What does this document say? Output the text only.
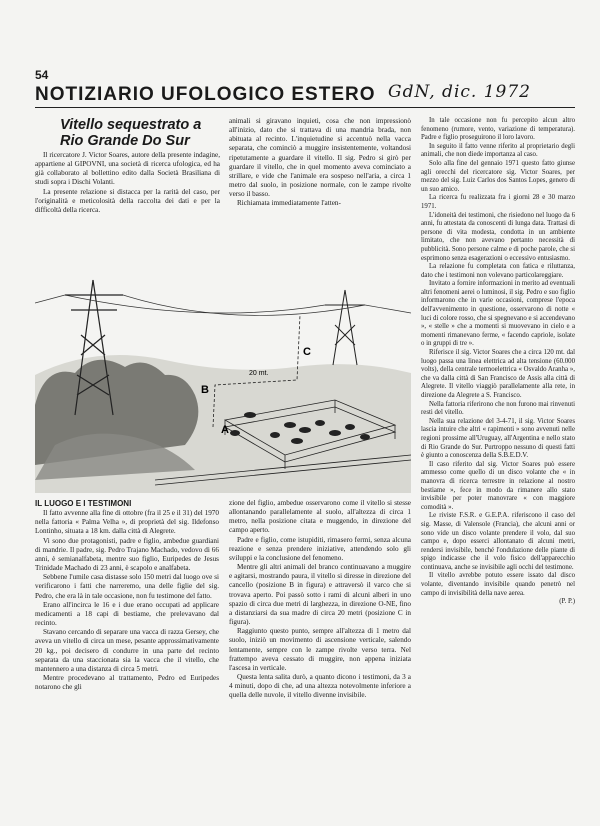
54
NOTIZIARIO UFOLOGICO ESTERO GdN, dic. 1972
Vitello sequestrato a Rio Grande Do Sur

Il ricercatore J. Victor Soares, autore della presente indagine, appartiene al GIPOVNI, una società di ricerca ufologica, ed ha già collaborato al bollettino edito dalla Società Brasiliana di studi sopra i Dischi Volanti.

La presente relazione si distacca per la rarità del caso, per l'originalità e meticolosità della raccolta dei dati e per la difficoltà della ricerca.

animali si giravano inquieti, cosa che non impressionò all'inizio, dato che si trattava di una mandria brada, non abituata al recinto. L'inquietudine si accentuò nella vacca separata, che cominciò a muggire insistentemente, voltandosi ripetutamente a guardare il vitello. Il sig. Pedro si girò per guardare il vitello, che in quel momento aveva cominciato a strillare, e vide che l'animale era sospeso nell'aria, a circa 1 metro dal suolo, in posizione normale, con le zampe rivolte verso il basso.

Richiamata immediatamente l'atten-

A
B
C
20 mt.

IL LUOGO E I TESTIMONI

Il fatto avvenne alla fine di ottobre (fra il 25 e il 31) del 1970 nella fattoria « Palma Velha », di proprietà del sig. Ildefonso Lontinho, situata a 18 km. dalla città di Alegrete.

Vi sono due protagonisti, padre e figlio, ambedue guardiani di mandrie. Il padre, sig. Pedro Trajano Machado, vedovo di 66 anni, è semianalfabeta, mentre suo figlio, Euripedes de Jesus Trinidade Machado di 23 anni, è scapolo e analfabeta.

Sebbene l'umile casa distasse solo 150 metri dal luogo ove si verificarono i fatti che narreremo, una delle figlie del sig. Pedro, che era là in tale occasione, non fu testimone del fatto.

Erano all'incirca le 16 e i due erano occupati ad applicare medicamenti a 18 capi di bestiame, che prelevavano dal recinto.

Stavano cercando di separare una vacca di razza Gersey, che aveva un vitello di circa un mese, pesante approssimativamente 20 kg., poi decisero di condurre in una parte del recinto separata da una staccionata sia la vacca che il vitello, che mantennero a una distanza di circa 5 metri.

Mentre procedevano al trattamento, Pedro ed Euripedes notarono che gli

zione del figlio, ambedue osservarono come il vitello si stesse allontanando parallelamente al suolo, all'altezza di circa 1 metro, nella posizione citata e muggendo, in direzione del campo aperto.

Padre e figlio, come istupiditi, rimasero fermi, senza alcuna reazione e senza prendere iniziative, attendendo solo gli sviluppi e la conclusione del fenomeno.

Mentre gli altri animali del branco continuavano a muggire e agitarsi, mostrando paura, il vitello si diresse in direzione del cancello (posizione B in figura) e attraversò il varco che si trovava aperto. Poi passò sotto i rami di alcuni alberi in uno spazio di circa due metri di larghezza, in direzione O-NE, fino a distanziarsi da sua madre di circa 20 metri (posizione C in figura).

Raggiunto questo punto, sempre all'altezza di 1 metro dal suolo, iniziò un movimento di ascensione verticale, salendo lentamente, sempre con le zampe rivolte verso terra. Nel frattempo aveva cessato di muggire, non appena iniziata l'ascesa in verticale.

Questa lenta salita durò, a quanto dicono i testimoni, da 3 a 4 minuti, dopo di che, ad una altezza notevolmente inferiore a quella delle nuvole, il vitello divenne invisibile.

In tale occasione non fu percepito alcun altro fenomeno (rumore, vento, variazione di temperatura). Padre e figlio proseguirono il loro lavoro.

In seguito il fatto venne riferito al proprietario degli animali, che non diede importanza al caso.

Solo alla fine del gennaio 1971 questo fatto giunse agli orecchi del ricercatore sig. Victor Soares, per mezzo del sig. Luiz Carlos dos Santos Lopes, genero di un suo amico.

La ricerca fu realizzata fra i giorni 28 e 30 marzo 1971.

L'idoneità dei testimoni, che risiedono nel luogo da 6 anni, fu attestata da conoscenti di lunga data. Trattasi di persone di vita modesta, condotta in un ambiente limitato, che non avevano pertanto necessità di pubblicità. Sono persone calme e di poche parole, che si esprimono senza esagerazioni o eccessivo entusiasmo.

La relazione fu completata con fatica e riluttanza, dato che i testimoni non volevano particolareggiare.

Invitato a fornire informazioni in merito ad eventuali altri fenomeni aerei o luminosi, il sig. Pedro e suo figlio informarono che in varie occasioni, comprese l'epoca dell'avvenimento in questione, osservarono di notte « luci di colore rosso, che si spegnevano e si accendevano », « stelle » che a momenti si muovevano in cielo e a momenti rimanevano ferme, « facendo capriole, isolate o in gruppi di tre ».

Riferisce il sig. Victor Soares che a circa 120 mt. dal luogo passa una linea elettrica ad alta tensione (60.000 volts), della centrale termoelettrica « Osvaldo Aranha », che va dalla città di San Francisco de Assis alla città di Alegrete. Il vitello viaggiò parallelamente alla rete, in direzione da Alegrete a S. Francisco.

Nella fattoria riferirono che non furono mai rinvenuti resti del vitello.

Nella sua relazione del 3-4-71, il sig. Victor Soares lascia intuire che altri « rapimenti » sono avvenuti nelle regioni prossime all'Uruguay, all'Argentina e nello stato di Rio Grande do Sur. Purtroppo nessuno di questi fatti è giunto a conoscenza della S.B.E.D.V.

Il caso riferito dal sig. Victor Soares può essere ammesso come quello di un disco volante che « in manovra di ricerca terrestre in relazione al nostro bestiame », fece in modo da rimanere allo stato invisibile per poter manovrare « con maggiore comodità ».

Le riviste F.S.R. e G.E.P.A. riferiscono il caso del sig. Masse, di Valensole (Francia), che alcuni anni or sono vide un disco volante prendere il volo, dal suo campo e, dopo esserci allontanato di alcuni metri, rendersi invisibile, benché l'ondulazione delle piante di spigo indicasse che il volo fisico dell'apparecchio continuava, anche se invisibile agli occhi del testimone.

Il vitello avrebbe potuto essere issato dal disco volante, diventando invisibile quando penetrò nel campo di invisibilità della nave aerea.

(P. P.)
